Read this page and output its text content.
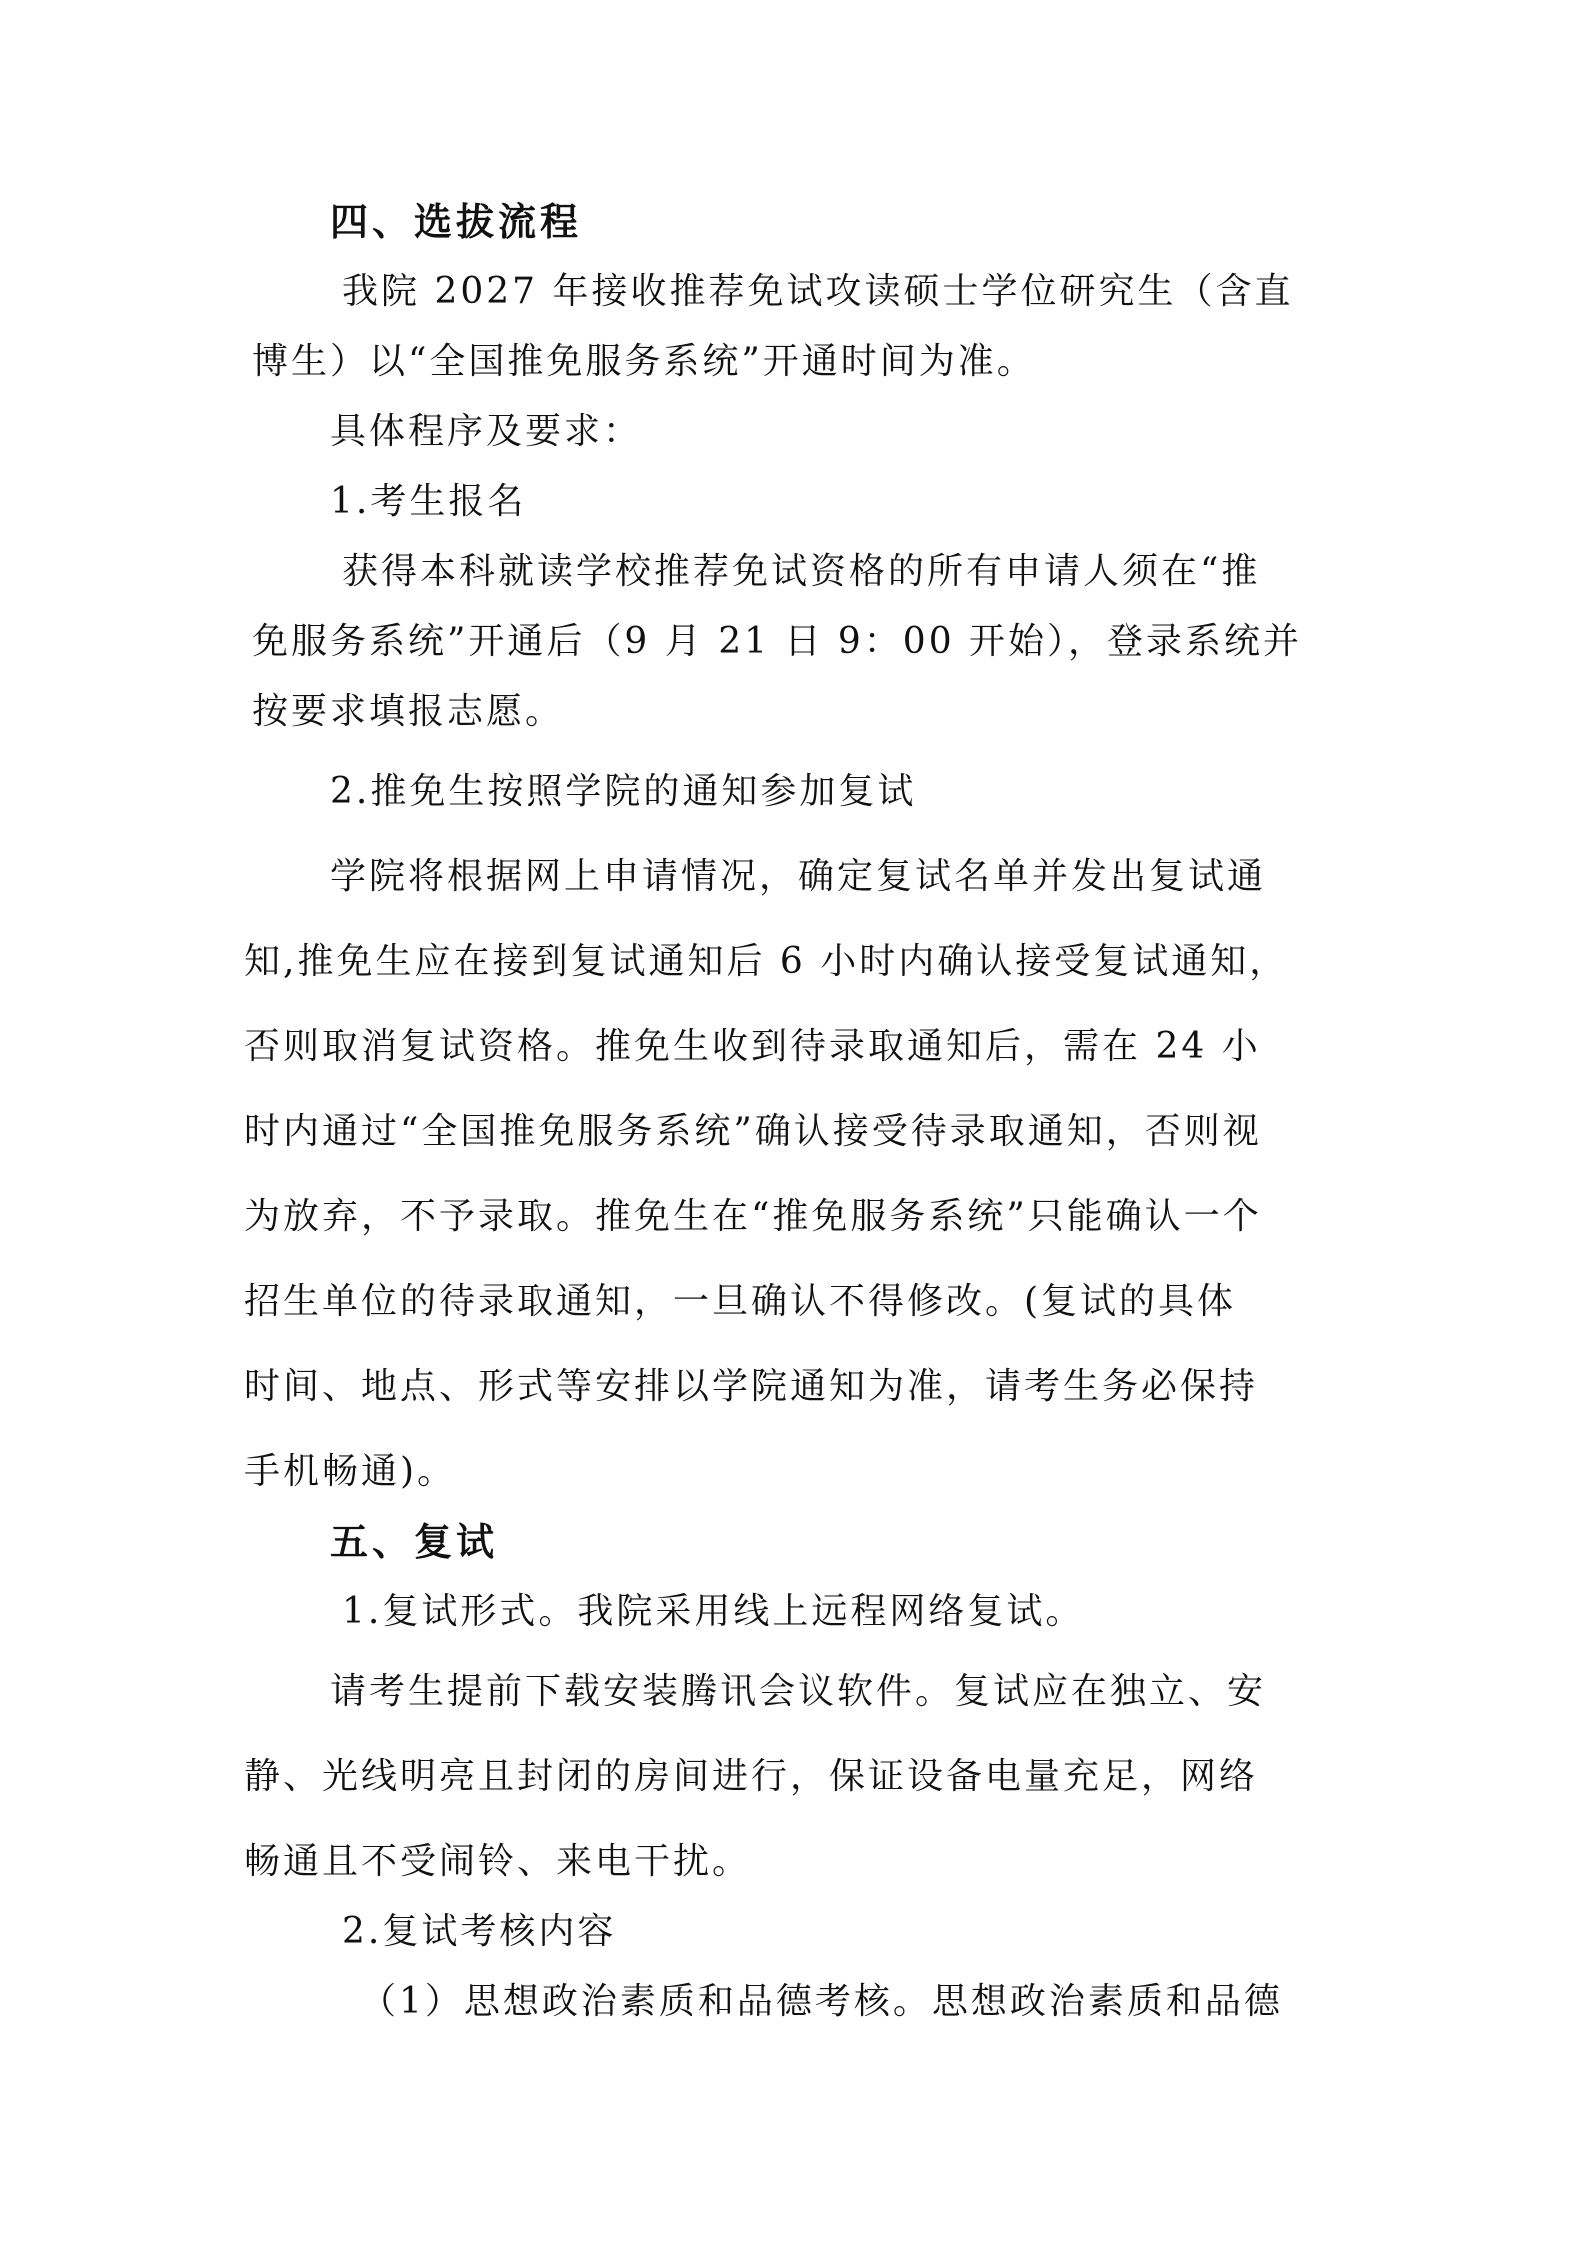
四、选拔流程
我院 2027 年接收推荐免试攻读硕士学位研究生（含直
博生）以“全国推免服务系统”开通时间为准。
具体程序及要求：
1.考生报名
获得本科就读学校推荐免试资格的所有申请人须在“推
免服务系统”开通后（9 月 21 日 9：00 开始），登录系统并
按要求填报志愿。
2.推免生按照学院的通知参加复试
学院将根据网上申请情况，确定复试名单并发出复试通
知,推免生应在接到复试通知后 6 小时内确认接受复试通知，
否则取消复试资格。推免生收到待录取通知后，需在 24 小
时内通过“全国推免服务系统”确认接受待录取通知，否则视
为放弃，不予录取。推免生在“推免服务系统”只能确认一个
招生单位的待录取通知，一旦确认不得修改。(复试的具体
时间、地点、形式等安排以学院通知为准，请考生务必保持
手机畅通)。
五、复试
1.复试形式。我院采用线上远程网络复试。
请考生提前下载安装腾讯会议软件。复试应在独立、安
静、光线明亮且封闭的房间进行，保证设备电量充足，网络
畅通且不受闹铃、来电干扰。
2.复试考核内容
（1）思想政治素质和品德考核。思想政治素质和品德
